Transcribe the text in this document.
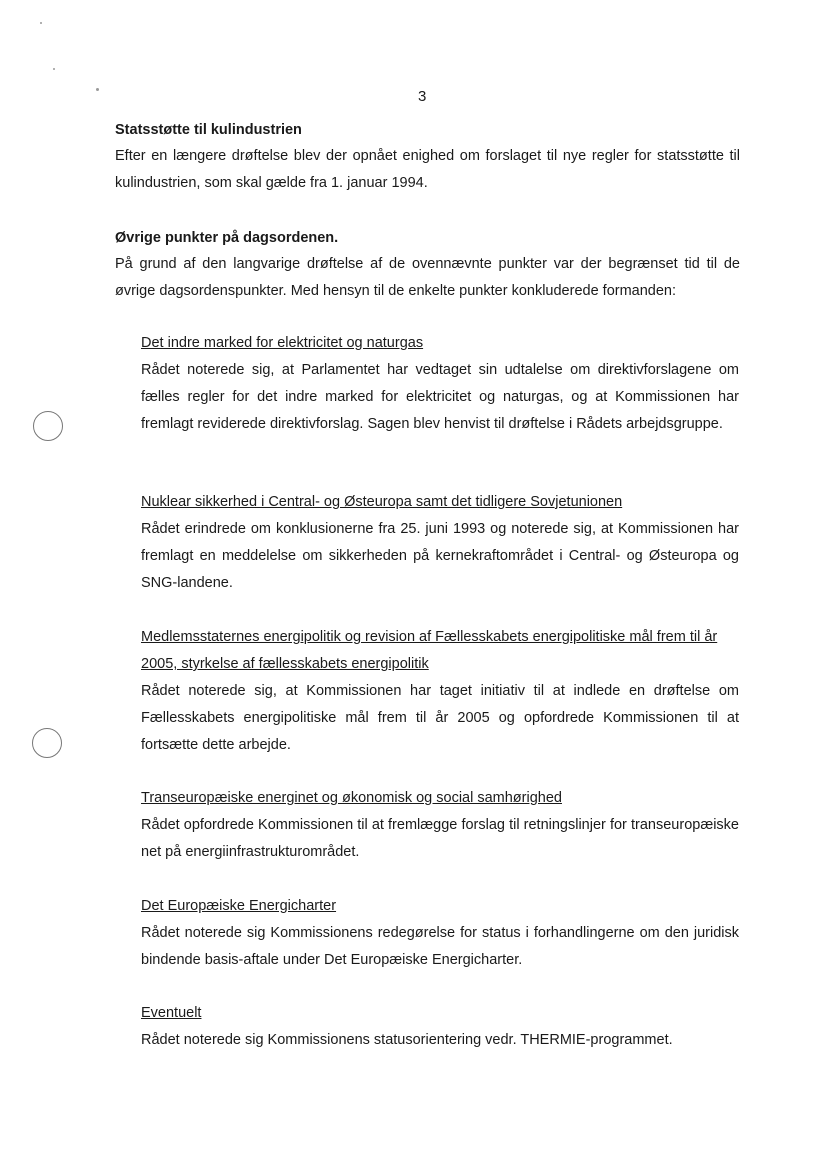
3

Statsstøtte til kulindustrien

Efter en længere drøftelse blev der opnået enighed om forslaget til nye regler for statsstøtte til kulindustrien, som skal gælde fra 1. januar 1994.

Øvrige punkter på dagsordenen.

På grund af den langvarige drøftelse af de ovennævnte punkter var der begrænset tid til de øvrige dagsordenspunkter. Med hensyn til de enkelte punkter konkluderede formanden:

Det indre marked for elektricitet og naturgas

Rådet noterede sig, at Parlamentet har vedtaget sin udtalelse om direktivforslagene om fælles regler for det indre marked for elektricitet og naturgas, og at Kommissionen har fremlagt reviderede direktivforslag. Sagen blev henvist til drøftelse i Rådets arbejdsgruppe.

Nuklear sikkerhed i Central- og Østeuropa samt det tidligere Sovjetunionen

Rådet erindrede om konklusionerne fra 25. juni 1993 og noterede sig, at Kommissionen har fremlagt en meddelelse om sikkerheden på kernekraftområdet i Central- og Østeuropa og SNG-landene.

Medlemsstaternes energipolitik og revision af Fællesskabets energipolitiske mål frem til år 2005, styrkelse af fællesskabets energipolitik

Rådet noterede sig, at Kommissionen har taget initiativ til at indlede en drøftelse om Fællesskabets energipolitiske mål frem til år 2005 og opfordrede Kommissionen til at fortsætte dette arbejde.

Transeuropæiske energinet og økonomisk og social samhørighed

Rådet opfordrede Kommissionen til at fremlægge forslag til retningslinjer for transeuropæiske net på energiinfrastrukturområdet.

Det Europæiske Energicharter

Rådet noterede sig Kommissionens redegørelse for status i forhandlingerne om den juridisk bindende basis-aftale under Det Europæiske Energicharter.

Eventuelt

Rådet noterede sig Kommissionens statusorientering vedr. THERMIE-programmet.
